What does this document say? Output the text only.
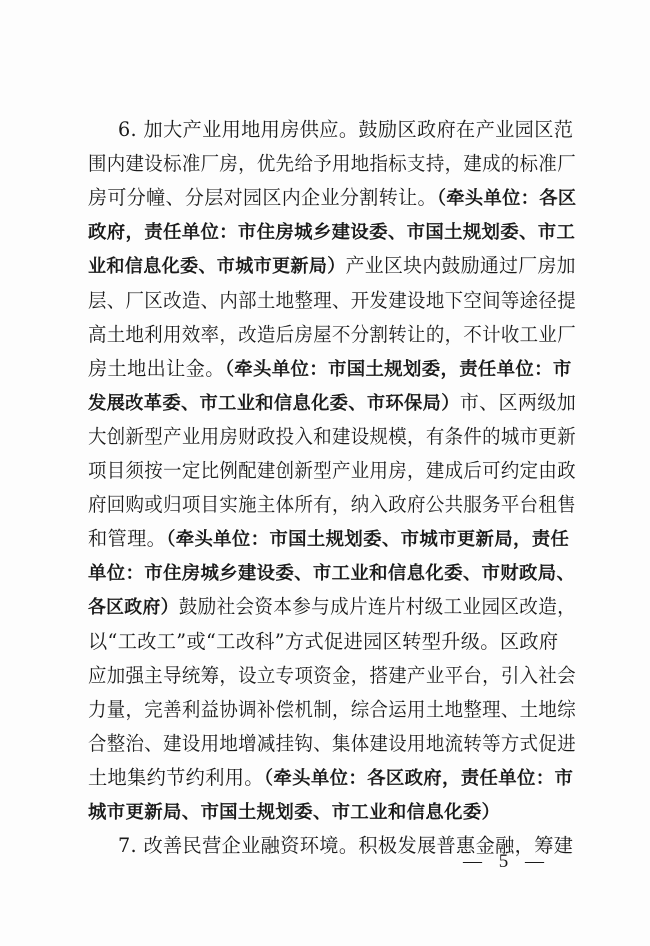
6. 加大产业用地用房供应。鼓励区政府在产业园区范
围内建设标准厂房，优先给予用地指标支持，建成的标准厂
房可分幢、分层对园区内企业分割转让。（牵头单位：各区
政府，责任单位：市住房城乡建设委、市国土规划委、市工
业和信息化委、市城市更新局）产业区块内鼓励通过厂房加
层、厂区改造、内部土地整理、开发建设地下空间等途径提
高土地利用效率，改造后房屋不分割转让的，不计收工业厂
房土地出让金。（牵头单位：市国土规划委，责任单位：市
发展改革委、市工业和信息化委、市环保局）市、区两级加
大创新型产业用房财政投入和建设规模，有条件的城市更新
项目须按一定比例配建创新型产业用房，建成后可约定由政
府回购或归项目实施主体所有，纳入政府公共服务平台租售
和管理。（牵头单位：市国土规划委、市城市更新局，责任
单位：市住房城乡建设委、市工业和信息化委、市财政局、
各区政府）鼓励社会资本参与成片连片村级工业园区改造，
以“工改工”或“工改科”方式促进园区转型升级。区政府
应加强主导统筹，设立专项资金，搭建产业平台，引入社会
力量，完善利益协调补偿机制，综合运用土地整理、土地综
合整治、建设用地增减挂钩、集体建设用地流转等方式促进
土地集约节约利用。（牵头单位：各区政府，责任单位：市
城市更新局、市国土规划委、市工业和信息化委）
7. 改善民营企业融资环境。积极发展普惠金融，筹建
— 5 —
